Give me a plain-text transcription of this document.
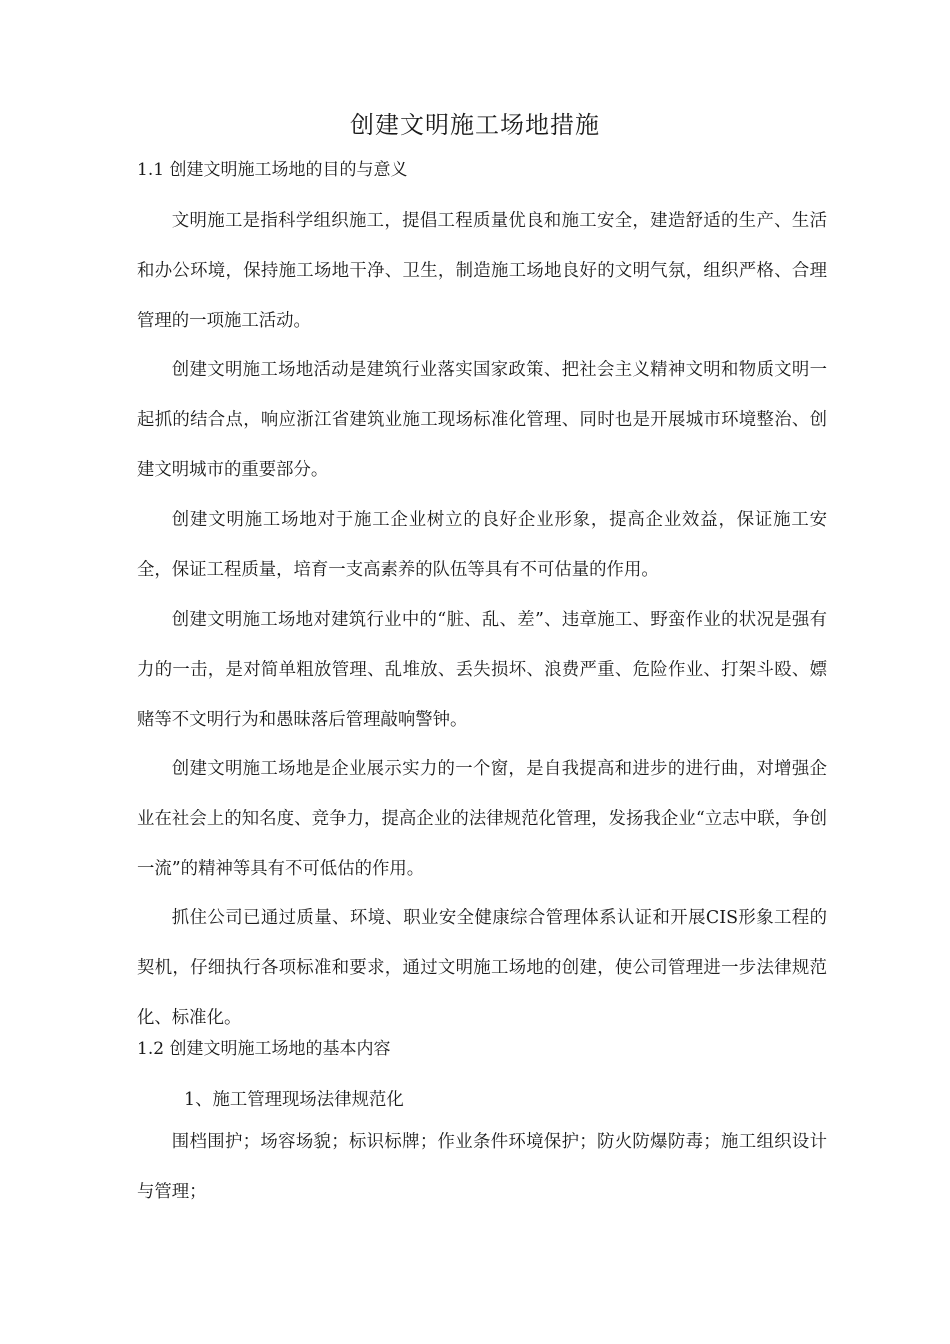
创建文明施工场地措施
1.1 创建文明施工场地的目的与意义

文明施工是指科学组织施工，提倡工程质量优良和施工安全，建造舒适的生产、生活和办公环境，保持施工场地干净、卫生，制造施工场地良好的文明气氛，组织严格、合理管理的一项施工活动。

创建文明施工场地活动是建筑行业落实国家政策、把社会主义精神文明和物质文明一起抓的结合点，响应浙江省建筑业施工现场标准化管理、同时也是开展城市环境整治、创建文明城市的重要部分。

创建文明施工场地对于施工企业树立的良好企业形象，提高企业效益，保证施工安全，保证工程质量，培育一支高素养的队伍等具有不可估量的作用。

创建文明施工场地对建筑行业中的“脏、乱、差”、违章施工、野蛮作业的状况是强有力的一击，是对简单粗放管理、乱堆放、丢失损坏、浪费严重、危险作业、打架斗殴、嫖赌等不文明行为和愚昧落后管理敲响警钟。

创建文明施工场地是企业展示实力的一个窗，是自我提高和进步的进行曲，对增强企业在社会上的知名度、竞争力，提高企业的法律规范化管理，发扬我企业“立志中联，争创一流”的精神等具有不可低估的作用。

抓住公司已通过质量、环境、职业安全健康综合管理体系认证和开展CIS形象工程的契机，仔细执行各项标准和要求，通过文明施工场地的创建，使公司管理进一步法律规范化、标准化。

1.2 创建文明施工场地的基本内容
1、施工管理现场法律规范化

围档围护；场容场貌；标识标牌；作业条件环境保护；防火防爆防毒；施工组织设计与管理；
